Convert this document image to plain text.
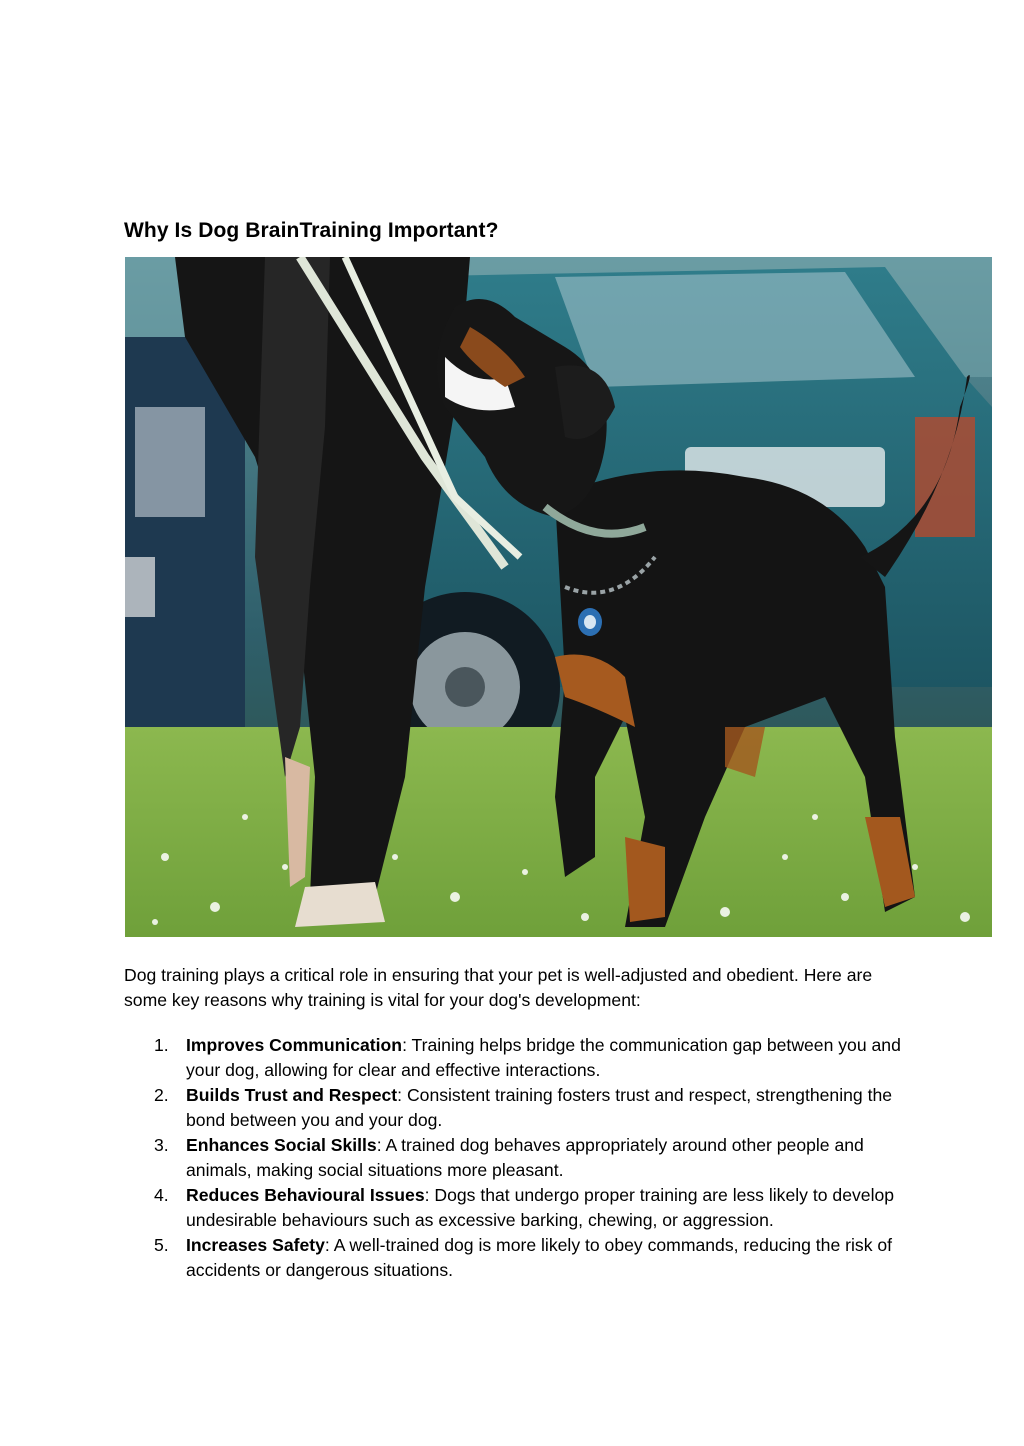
Why Is Dog BrainTraining Important?

Dog training plays a critical role in ensuring that your pet is well-adjusted and obedient. Here are some key reasons why training is vital for your dog's development:

1. Improves Communication: Training helps bridge the communication gap between you and your dog, allowing for clear and effective interactions.
2. Builds Trust and Respect: Consistent training fosters trust and respect, strengthening the bond between you and your dog.
3. Enhances Social Skills: A trained dog behaves appropriately around other people and animals, making social situations more pleasant.
4. Reduces Behavioural Issues: Dogs that undergo proper training are less likely to develop undesirable behaviours such as excessive barking, chewing, or aggression.
5. Increases Safety: A well-trained dog is more likely to obey commands, reducing the risk of accidents or dangerous situations.
